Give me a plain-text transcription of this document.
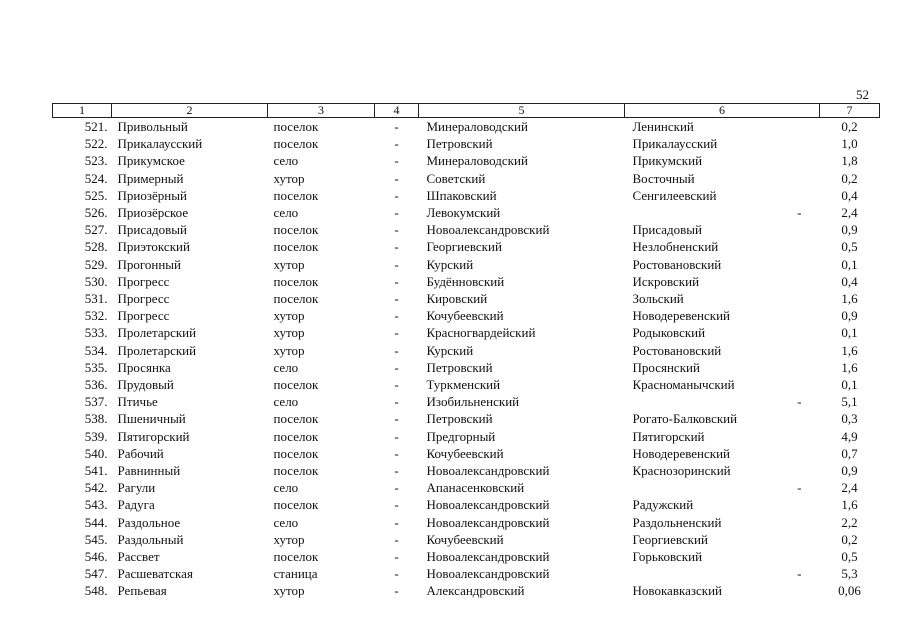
52
1	2	3	4	5	6	7
521.	Привольный	поселок	-	Минераловодский	Ленинский	0,2
522.	Прикалаусский	поселок	-	Петровский	Прикалаусский	1,0
523.	Прикумское	село	-	Минераловодский	Прикумский	1,8
524.	Примерный	хутор	-	Советский	Восточный	0,2
525.	Приозёрный	поселок	-	Шпаковский	Сенгилеевский	0,4
526.	Приозёрское	село	-	Левокумский	-	2,4
527.	Присадовый	поселок	-	Новоалександровский	Присадовый	0,9
528.	Приэтокский	поселок	-	Георгиевский	Незлобненский	0,5
529.	Прогонный	хутор	-	Курский	Ростовановский	0,1
530.	Прогресс	поселок	-	Будённовский	Искровский	0,4
531.	Прогресс	поселок	-	Кировский	Зольский	1,6
532.	Прогресс	хутор	-	Кочубеевский	Новодеревенский	0,9
533.	Пролетарский	хутор	-	Красногвардейский	Родыковский	0,1
534.	Пролетарский	хутор	-	Курский	Ростовановский	1,6
535.	Просянка	село	-	Петровский	Просянский	1,6
536.	Прудовый	поселок	-	Туркменский	Красноманычский	0,1
537.	Птичье	село	-	Изобильненский	-	5,1
538.	Пшеничный	поселок	-	Петровский	Рогато-Балковский	0,3
539.	Пятигорский	поселок	-	Предгорный	Пятигорский	4,9
540.	Рабочий	поселок	-	Кочубеевский	Новодеревенский	0,7
541.	Равнинный	поселок	-	Новоалександровский	Краснозоринский	0,9
542.	Рагули	село	-	Апанасенковский	-	2,4
543.	Радуга	поселок	-	Новоалександровский	Радужский	1,6
544.	Раздольное	село	-	Новоалександровский	Раздольненский	2,2
545.	Раздольный	хутор	-	Кочубеевский	Георгиевский	0,2
546.	Рассвет	поселок	-	Новоалександровский	Горьковский	0,5
547.	Расшеватская	станица	-	Новоалександровский	-	5,3
548.	Репьевая	хутор	-	Александровский	Новокавказский	0,06
